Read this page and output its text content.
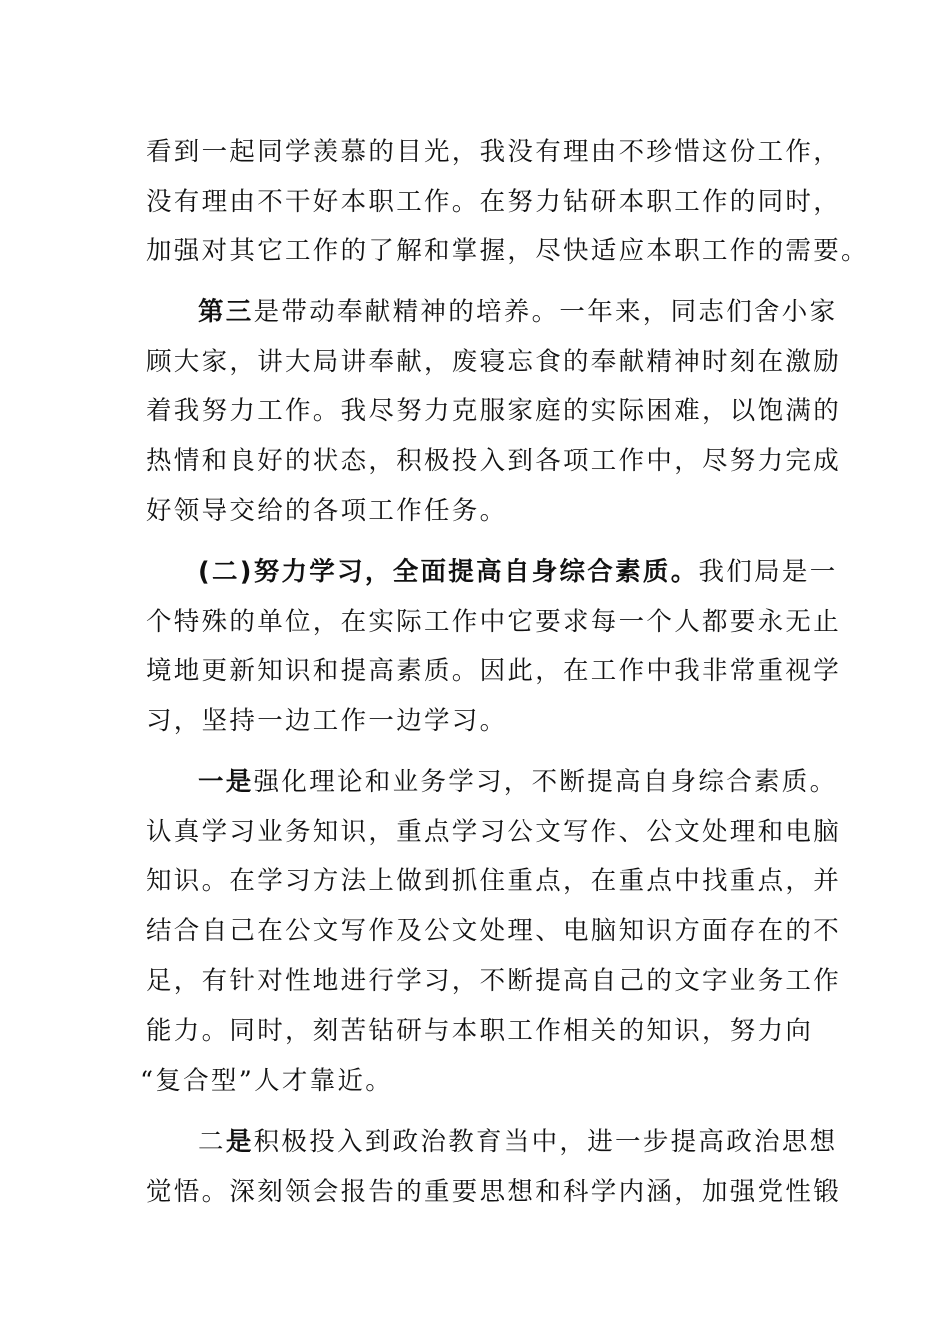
看到一起同学羡慕的目光，我没有理由不珍惜这份工作，
没有理由不干好本职工作。在努力钻研本职工作的同时，
加强对其它工作的了解和掌握，尽快适应本职工作的需要。
第三是带动奉献精神的培养。一年来，同志们舍小家
顾大家，讲大局讲奉献，废寝忘食的奉献精神时刻在激励
着我努力工作。我尽努力克服家庭的实际困难，以饱满的
热情和良好的状态，积极投入到各项工作中，尽努力完成
好领导交给的各项工作任务。
(二)努力学习，全面提高自身综合素质。我们局是一
个特殊的单位，在实际工作中它要求每一个人都要永无止
境地更新知识和提高素质。因此，在工作中我非常重视学
习，坚持一边工作一边学习。
一是强化理论和业务学习，不断提高自身综合素质。
认真学习业务知识，重点学习公文写作、公文处理和电脑
知识。在学习方法上做到抓住重点，在重点中找重点，并
结合自己在公文写作及公文处理、电脑知识方面存在的不
足，有针对性地进行学习，不断提高自己的文字业务工作
能力。同时，刻苦钻研与本职工作相关的知识，努力向
“复合型”人才靠近。
二是积极投入到政治教育当中，进一步提高政治思想
觉悟。深刻领会报告的重要思想和科学内涵，加强党性锻
